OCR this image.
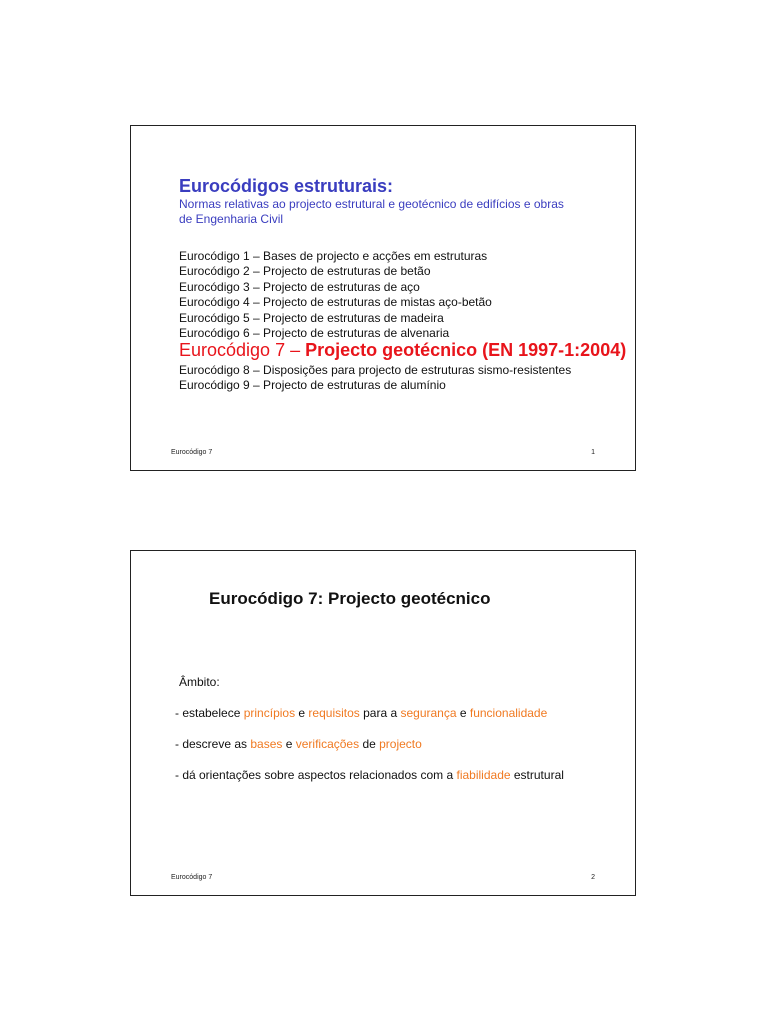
Eurocódigos estruturais:
Normas relativas ao projecto estrutural e geotécnico de edifícios e obras de Engenharia Civil
Eurocódigo 1 – Bases de projecto e acções em estruturas
Eurocódigo 2 – Projecto de estruturas de betão
Eurocódigo 3 – Projecto de estruturas de aço
Eurocódigo 4 – Projecto de estruturas de mistas aço-betão
Eurocódigo 5 – Projecto de estruturas de madeira
Eurocódigo 6 – Projecto de estruturas de alvenaria
Eurocódigo 7 – Projecto geotécnico (EN 1997-1:2004)
Eurocódigo 8 – Disposições para projecto de estruturas sismo-resistentes
Eurocódigo 9 – Projecto de estruturas de alumínio
Eurocódigo 7	1
Eurocódigo 7: Projecto geotécnico
Âmbito:
- estabelece princípios e requisitos para a segurança e funcionalidade
- descreve as bases e verificações de projecto
- dá orientações sobre aspectos relacionados com a fiabilidade estrutural
Eurocódigo 7	2
